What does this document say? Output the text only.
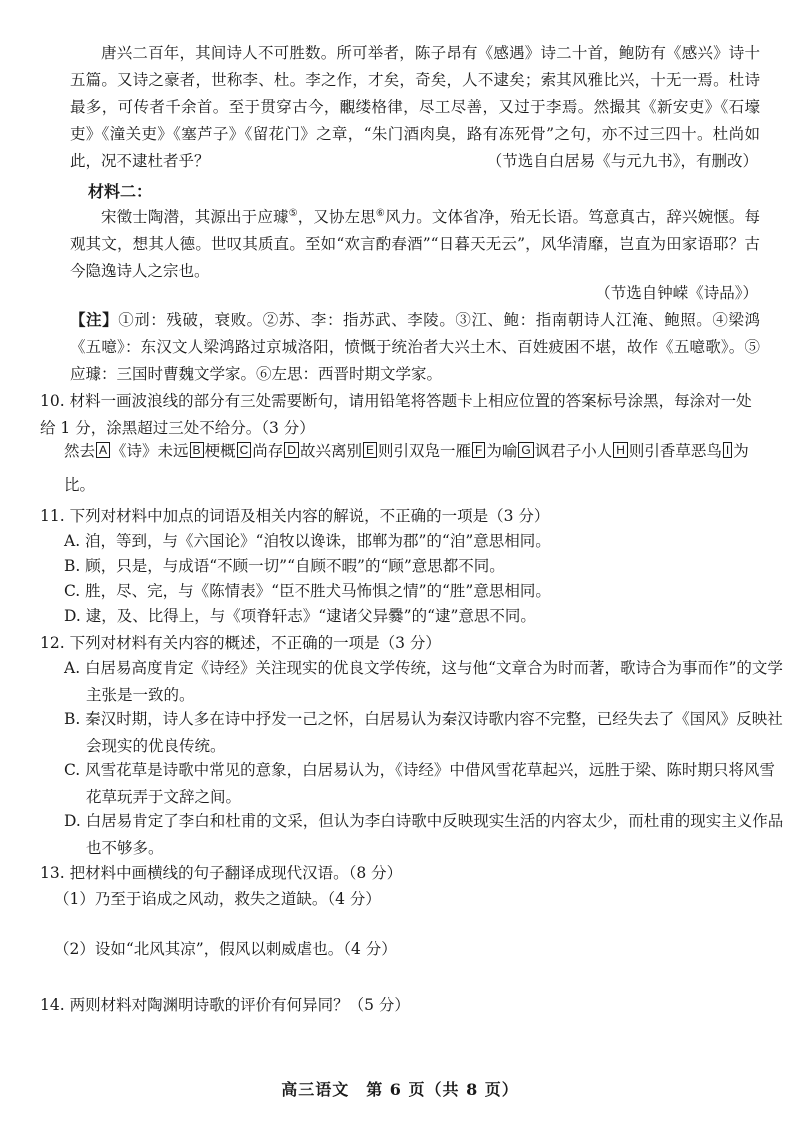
唐兴二百年，其间诗人不可胜数。所可举者，陈子昂有《感遇》诗二十首，鲍防有《感兴》诗十五篇。又诗之豪者，世称李、杜。李之作，才矣，奇矣，人不逮矣；索其风雅比兴，十无一焉。杜诗最多，可传者千余首。至于贯穿古今，覼缕格律，尽工尽善，又过于李焉。然撮其《新安吏》《石壕吏》《潼关吏》《塞芦子》《留花门》之章，“朱门酒肉臭，路有冻死骨”之句，亦不过三四十。杜尚如此，况不逮杜者乎？	（节选自白居易《与元九书》，有删改）

材料二：

宋徵士陶潜，其源出于应璩⑤，又协左思⑥风力。文体省净，殆无长语。笃意真古，辞兴婉惬。每观其文，想其人德。世叹其质直。至如“欢言酌春酒”“日暮天无云”，风华清靡，岂直为田家语耶？古今隐逸诗人之宗也。

（节选自钟嵘《诗品》）

【注】①刓：残破，衰败。②苏、李：指苏武、李陵。③江、鲍：指南朝诗人江淹、鲍照。④梁鸿《五噫》：东汉文人梁鸿路过京城洛阳，愤慨于统治者大兴土木、百姓疲困不堪，故作《五噫歌》。⑤应璩：三国时曹魏文学家。⑥左思：西晋时期文学家。

10. 材料一画波浪线的部分有三处需要断句，请用铅笔将答题卡上相应位置的答案标号涂黑，每涂对一处给 1 分，涂黑超过三处不给分。（3 分）

然去 A 《诗》未远 B 梗概 C 尚存 D 故兴离别 E 则引双凫一雁 F 为喻 G 讽君子小人 H 则引香草恶鸟 I 为比。

11. 下列对材料中加点的词语及相关内容的解说，不正确的一项是（3 分）

A. 洎，等到，与《六国论》“洎牧以谗诛，邯郸为郡”的“洎”意思相同。

B. 顾，只是，与成语“不顾一切”“自顾不暇”的“顾”意思都不同。

C. 胜，尽、完，与《陈情表》“臣不胜犬马怖惧之情”的“胜”意思相同。

D. 逮，及、比得上，与《项脊轩志》“逮诸父异爨”的“逮”意思不同。

12. 下列对材料有关内容的概述，不正确的一项是（3 分）

A. 白居易高度肯定《诗经》关注现实的优良文学传统，这与他“文章合为时而著，歌诗合为事而作”的文学主张是一致的。

B. 秦汉时期，诗人多在诗中抒发一己之怀，白居易认为秦汉诗歌内容不完整，已经失去了《国风》反映社会现实的优良传统。

C. 风雪花草是诗歌中常见的意象，白居易认为，《诗经》中借风雪花草起兴，远胜于梁、陈时期只将风雪花草玩弄于文辞之间。

D. 白居易肯定了李白和杜甫的文采，但认为李白诗歌中反映现实生活的内容太少，而杜甫的现实主义作品也不够多。

13. 把材料中画横线的句子翻译成现代汉语。（8 分）

（1）乃至于谄成之风动，救失之道缺。（4 分）

（2）设如“北风其凉”，假风以刺威虐也。（4 分）

14. 两则材料对陶渊明诗歌的评价有何异同？（5 分）

高三语文　第 6 页（共 8 页）
